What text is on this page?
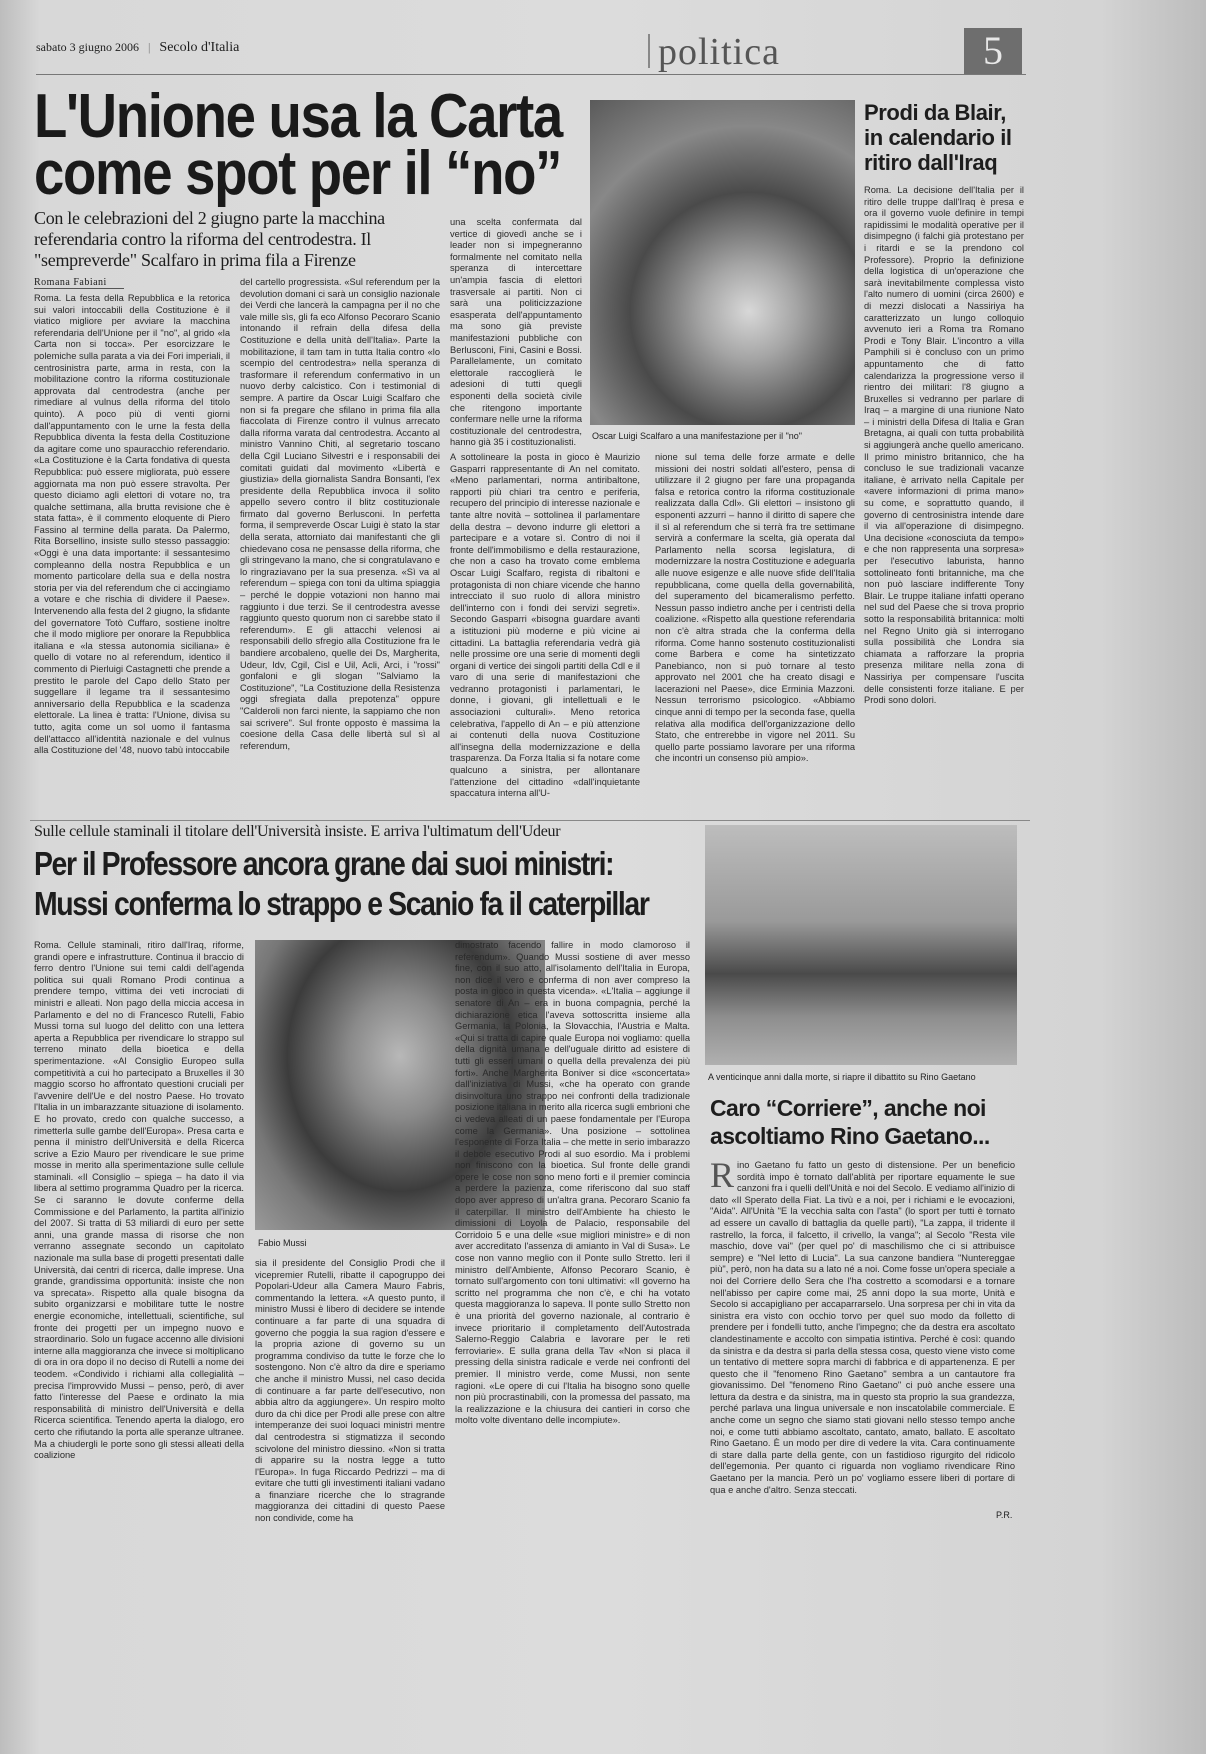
sabato 3 giugno 2006 | Secolo d'Italia	politica	5
L'Unione usa la Carta
come spot per il “no”
Con le celebrazioni del 2 giugno parte la macchina referendaria contro la riforma del centrodestra. Il "sempreverde" Scalfaro in prima fila a Firenze
Romana Fabiani
Roma. La festa della Repubblica e la retorica sui valori intoccabili della Costituzione è il viatico migliore per avviare la macchina referendaria dell'Unione per il "no", al grido «la Carta non si tocca». Per esorcizzare le polemiche sulla parata a via dei Fori imperiali, il centrosinistra parte, arma in resta, con la mobilitazione contro la riforma costituzionale approvata dal centrodestra (anche per rimediare al vulnus della riforma del titolo quinto). A poco più di venti giorni dall'appuntamento con le urne la festa della Repubblica diventa la festa della Costituzione da agitare come uno spauracchio referendario. «La Costituzione è la Carta fondativa di questa Repubblica: può essere migliorata, può essere aggiornata ma non può essere stravolta. Per questo diciamo agli elettori di votare no, tra qualche settimana, alla brutta revisione che è stata fatta», è il commento eloquente di Piero Fassino al termine della parata. Da Palermo, Rita Borsellino, insiste sullo stesso passaggio: «Oggi è una data importante: il sessantesimo compleanno della nostra Repubblica e un momento particolare della sua e della nostra storia per via del referendum che ci accingiamo a votare e che rischia di dividere il Paese». Intervenendo alla festa del 2 giugno, la sfidante del governatore Totò Cuffaro, sostiene inoltre che il modo migliore per onorare la Repubblica italiana e «la stessa autonomia siciliana» è quello di votare no al referendum, identico il commento di Pierluigi Castagnetti che prende a prestito le parole del Capo dello Stato per suggellare il legame tra il sessantesimo anniversario della Repubblica e la scadenza elettorale. La linea è tratta: l'Unione, divisa su tutto, agita come un sol uomo il fantasma dell'attacco all'identità nazionale e del vulnus alla Costituzione del '48, nuovo tabù intoccabile
del cartello progressista. «Sul referendum per la devolution domani ci sarà un consiglio nazionale dei Verdi che lancerà la campagna per il no che vale mille sìs, gli fa eco Alfonso Pecoraro Scanio intonando il refrain della difesa della Costituzione e della unità dell'Italia». Parte la mobilitazione, il tam tam in tutta Italia contro «lo scempio del centrodestra» nella speranza di trasformare il referendum confermativo in un nuovo derby calcistico. Con i testimonial di sempre. A partire da Oscar Luigi Scalfaro che non si fa pregare che sfilano in prima fila alla fiaccolata di Firenze contro il vulnus arrecato dalla riforma varata dal centrodestra. Accanto al ministro Vannino Chiti, al segretario toscano della Cgil Luciano Silvestri e i responsabili dei comitati guidati dal movimento «Libertà e giustizia» della giornalista Sandra Bonsanti, l'ex presidente della Repubblica invoca il solito appello severo contro il blitz costituzionale firmato dal governo Berlusconi. In perfetta forma, il sempreverde Oscar Luigi è stato la star della serata, attorniato dai manifestanti che gli chiedevano cosa ne pensasse della riforma, che gli stringevano la mano, che si congratulavano e lo ringraziavano per la sua presenza. «Sì va al referendum – spiega con toni da ultima spiaggia – perché le doppie votazioni non hanno mai raggiunto i due terzi. Se il centrodestra avesse raggiunto questo quorum non ci sarebbe stato il referendum». E gli attacchi velenosi ai responsabili dello sfregio alla Costituzione fra le bandiere arcobaleno, quelle dei Ds, Margherita, Udeur, Idv, Cgil, Cisl e Uil, Acli, Arci, i "rossi" gonfaloni e gli slogan "Salviamo la Costituzione", "La Costituzione della Resistenza oggi sfregiata dalla prepotenza" oppure "Calderoli non farci niente, la sappiamo che non sai scrivere". Sul fronte opposto è massima la coesione della Casa delle libertà sul sì al referendum,
una scelta confermata dal vertice di giovedì anche se i leader non si impegneranno formalmente nel comitato nella speranza di intercettare un'ampia fascia di elettori trasversale ai partiti. Non ci sarà una politicizzazione esasperata dell'appuntamento ma sono già previste manifestazioni pubbliche con Berlusconi, Fini, Casini e Bossi. Parallelamente, un comitato elettorale raccoglierà le adesioni di tutti quegli esponenti della società civile che ritengono importante confermare nelle urne la riforma costituzionale del centrodestra, hanno già 35 i costituzionalisti.
A sottolineare la posta in gioco è Maurizio Gasparri rappresentante di An nel comitato. «Meno parlamentari, norma antiribaltone, rapporti più chiari tra centro e periferia, recupero del principio di interesse nazionale e tante altre novità – sottolinea il parlamentare della destra – devono indurre gli elettori a partecipare e a votare sì. Contro di noi il fronte dell'immobilismo e della restaurazione, che non a caso ha trovato come emblema Oscar Luigi Scalfaro, regista di ribaltoni e protagonista di non chiare vicende che hanno intrecciato il suo ruolo di allora ministro dell'interno con i fondi dei servizi segreti». Secondo Gasparri «bisogna guardare avanti a istituzioni più moderne e più vicine ai cittadini. La battaglia referendaria vedrà già nelle prossime ore una serie di momenti degli organi di vertice dei singoli partiti della Cdl e il varo di una serie di manifestazioni che vedranno protagonisti i parlamentari, le donne, i giovani, gli intellettuali e le associazioni culturali». Meno retorica celebrativa, l'appello di An – e più attenzione ai contenuti della nuova Costituzione all'insegna della modernizzazione e della trasparenza. Da Forza Italia si fa notare come qualcuno a sinistra, per allontanare l'attenzione del cittadino «dall'inquietante spaccatura interna all'U-
nione sul tema delle forze armate e delle missioni dei nostri soldati all'estero, pensa di utilizzare il 2 giugno per fare una propaganda falsa e retorica contro la riforma costituzionale realizzata dalla Cdl». Gli elettori – insistono gli esponenti azzurri – hanno il diritto di sapere che il sì al referendum che si terrà fra tre settimane servirà a confermare la scelta, già operata dal Parlamento nella scorsa legislatura, di modernizzare la nostra Costituzione e adeguarla alle nuove esigenze e alle nuove sfide dell'Italia repubblicana, come quella della governabilità, del superamento del bicameralismo perfetto. Nessun passo indietro anche per i centristi della coalizione. «Rispetto alla questione referendaria non c'è altra strada che la conferma della riforma. Come hanno sostenuto costituzionalisti come Barbera e come ha sintetizzato Panebianco, non si può tornare al testo approvato nel 2001 che ha creato disagi e lacerazioni nel Paese», dice Erminia Mazzoni. Nessun terrorismo psicologico. «Abbiamo cinque anni di tempo per la seconda fase, quella relativa alla modifica dell'organizzazione dello Stato, che entrerebbe in vigore nel 2011. Su quello parte possiamo lavorare per una riforma che incontri un consenso più ampio».
Oscar Luigi Scalfaro a una manifestazione per il "no"
Prodi da Blair, in calendario il ritiro dall'Iraq
Roma. La decisione dell'Italia per il ritiro delle truppe dall'Iraq è presa e ora il governo vuole definire in tempi rapidissimi le modalità operative per il disimpegno (i falchi già protestano per i ritardi e se la prendono col Professore). Proprio la definizione della logistica di un'operazione che sarà inevitabilmente complessa visto l'alto numero di uomini (circa 2600) e di mezzi dislocati a Nassiriya ha caratterizzato un lungo colloquio avvenuto ieri a Roma tra Romano Prodi e Tony Blair. L'incontro a villa Pamphili si è concluso con un primo appuntamento che di fatto calendarizza la progressione verso il rientro dei militari: l'8 giugno a Bruxelles si vedranno per parlare di Iraq – a margine di una riunione Nato – i ministri della Difesa di Italia e Gran Bretagna, ai quali con tutta probabilità si aggiungerà anche quello americano. Il primo ministro britannico, che ha concluso le sue tradizionali vacanze italiane, è arrivato nella Capitale per «avere informazioni di prima mano» su come, e soprattutto quando, il governo di centrosinistra intende dare il via all'operazione di disimpegno. Una decisione «conosciuta da tempo» e che non rappresenta una sorpresa» per l'esecutivo laburista, hanno sottolineato fonti britanniche, ma che non può lasciare indifferente Tony Blair. Le truppe italiane infatti operano nel sud del Paese che si trova proprio sotto la responsabilità britannica: molti nel Regno Unito già si interrogano sulla possibilità che Londra sia chiamata a rafforzare la propria presenza militare nella zona di Nassiriya per compensare l'uscita delle consistenti forze italiane. E per Prodi sono dolori.
Sulle cellule staminali il titolare dell'Università insiste. E arriva l'ultimatum dell'Udeur
Per il Professore ancora grane dai suoi ministri:
Mussi conferma lo strappo e Scanio fa il caterpillar
Roma. Cellule staminali, ritiro dall'Iraq, riforme, grandi opere e infrastrutture. Continua il braccio di ferro dentro l'Unione sui temi caldi dell'agenda politica sui quali Romano Prodi continua a prendere tempo, vittima dei veti incrociati di ministri e alleati. Non pago della miccia accesa in Parlamento e del no di Francesco Rutelli, Fabio Mussi torna sul luogo del delitto con una lettera aperta a Repubblica per rivendicare lo strappo sul terreno minato della bioetica e della sperimentazione. «Al Consiglio Europeo sulla competitività a cui ho partecipato a Bruxelles il 30 maggio scorso ho affrontato questioni cruciali per l'avvenire dell'Ue e del nostro Paese. Ho trovato l'Italia in un imbarazzante situazione di isolamento. E ho provato, credo con qualche successo, a rimetterla sulle gambe dell'Europa». Presa carta e penna il ministro dell'Università e della Ricerca scrive a Ezio Mauro per rivendicare le sue prime mosse in merito alla sperimentazione sulle cellule staminali. «Il Consiglio – spiega – ha dato il via libera al settimo programma Quadro per la ricerca. Se ci saranno le dovute conferme della Commissione e del Parlamento, la partita all'inizio del 2007. Si tratta di 53 miliardi di euro per sette anni, una grande massa di risorse che non verranno assegnate secondo un capitolato nazionale ma sulla base di progetti presentati dalle Università, dai centri di ricerca, dalle imprese. Una grande, grandissima opportunità: insiste che non va sprecata». Rispetto alla quale bisogna da subito organizzarsi e mobilitare tutte le nostre energie economiche, intellettuali, scientifiche, sul fronte dei progetti per un impegno nuovo e straordinario. Solo un fugace accenno alle divisioni interne alla maggioranza che invece si moltiplicano di ora in ora dopo il no deciso di Rutelli a nome dei teodem. «Condivido i richiami alla collegialità – precisa l'improvvido Mussi – penso, però, di aver fatto l'interesse del Paese e ordinato la mia responsabilità di ministro dell'Università e della Ricerca scientifica. Tenendo aperta la dialogo, ero certo che rifiutando la porta alle speranze ultranee. Ma a chiudergli le porte sono gli stessi alleati della coalizione
Fabio Mussi
sia il presidente del Consiglio Prodi che il vicepremier Rutelli, ribatte il capogruppo dei Popolari-Udeur alla Camera Mauro Fabris, commentando la lettera. «A questo punto, il ministro Mussi è libero di decidere se intende continuare a far parte di una squadra di governo che poggia la sua ragion d'essere e la propria azione di governo su un programma condiviso da tutte le forze che lo sostengono. Non c'è altro da dire e speriamo che anche il ministro Mussi, nel caso decida di continuare a far parte dell'esecutivo, non abbia altro da aggiungere». Un respiro molto duro da chi dice per Prodi alle prese con altre intemperanze dei suoi loquaci ministri mentre dal centrodestra si stigmatizza il secondo scivolone del ministro diessino. «Non si tratta di apparire su la nostra legge a tutto l'Europa». In fuga Riccardo Pedrizzi – ma di evitare che tutti gli investimenti italiani vadano a finanziare ricerche che lo stragrande maggioranza dei cittadini di questo Paese non condivide, come ha
dimostrato facendo fallire in modo clamoroso il referendum». Quando Mussi sostiene di aver messo fine, con il suo atto, all'isolamento dell'Italia in Europa, non dice il vero e conferma di non aver compreso la posta in gioco in questa vicenda». «L'Italia – aggiunge il senatore di An – era in buona compagnia, perché la dichiarazione etica l'aveva sottoscritta insieme alla Germania, la Polonia, la Slovacchia, l'Austria e Malta. «Qui si tratta di capire quale Europa noi vogliamo: quella della dignità umana e dell'uguale diritto ad esistere di tutti gli esseri umani o quella della prevalenza dei più forti». Anche Margherita Boniver si dice «sconcertata» dall'iniziativa di Mussi, «che ha operato con grande disinvoltura uno strappo nei confronti della tradizionale posizione italiana in merito alla ricerca sugli embrioni che ci vedeva alleati di un paese fondamentale per l'Europa come la Germania». Una posizione – sottolinea l'esponente di Forza Italia – che mette in serio imbarazzo il debole esecutivo Prodi al suo esordio. Ma i problemi non finiscono con la bioetica. Sul fronte delle grandi opere le cose non sono meno forti e il premier comincia a perdere la pazienza, come riferiscono dal suo staff dopo aver appreso di un'altra grana. Pecoraro Scanio fa il caterpillar. Il ministro dell'Ambiente ha chiesto le dimissioni di Loyola de Palacio, responsabile del Corridoio 5 e una delle «sue migliori ministre» e di non aver accreditato l'assenza di amianto in Val di Susa». Le cose non vanno meglio con il Ponte sullo Stretto. Ieri il ministro dell'Ambiente, Alfonso Pecoraro Scanio, è tornato sull'argomento con toni ultimativi: «Il governo ha scritto nel programma che non c'è, e chi ha votato questa maggioranza lo sapeva. Il ponte sullo Stretto non è una priorità del governo nazionale, al contrario è invece prioritario il completamento dell'Autostrada Salerno-Reggio Calabria e lavorare per le reti ferroviarie». E sulla grana della Tav «Non si placa il pressing della sinistra radicale e verde nei confronti del premier. Il ministro verde, come Mussi, non sente ragioni. «Le opere di cui l'Italia ha bisogno sono quelle non più procrastinabili, con la promessa del passato, ma la realizzazione e la chiusura dei cantieri in corso che molto volte diventano delle incompiute».
A venticinque anni dalla morte, si riapre il dibattito su Rino Gaetano
Caro “Corriere”, anche noi ascoltiamo Rino Gaetano...
R ino Gaetano fu fatto un gesto di distensione. Per un beneficio sordità impo è tornato dall'ablità per riportare equamente le sue canzoni fra i quelli dell'Unità e noi del Secolo. E vediamo all'inizio di dato «Il Sperato della Fiat. La tivù e a noi, per i richiami e le evocazioni, "Aida". All'Unità "E la vecchia salta con l'asta" (lo sport per tutti è tornato ad essere un cavallo di battaglia da quelle parti), "La zappa, il tridente il rastrello, la forca, il falcetto, il crivello, la vanga"; al Secolo "Resta vile maschio, dove vai" (per quel po' di maschilismo che ci si attribuisce sempre) e "Nel letto di Lucia". La sua canzone bandiera "Nuntereggae più", però, non ha data su a lato né a noi. Come fosse un'opera speciale a noi del Corriere dello Sera che l'ha costretto a scomodarsi e a tornare nell'abisso per capire come mai, 25 anni dopo la sua morte, Unità e Secolo si accapigliano per accaparrarselo. Una sorpresa per chi in vita da sinistra era visto con occhio torvo per quel suo modo da folletto di prendere per i fondelli tutto, anche l'impegno; che da destra era ascoltato clandestinamente e accolto con simpatia istintiva. Perché è così: quando da sinistra e da destra si parla della stessa cosa, questo viene visto come un tentativo di mettere sopra marchi di fabbrica e di appartenenza. E per questo che il "fenomeno Rino Gaetano" sembra a un cantautore fra giovanissimo. Del "fenomeno Rino Gaetano" ci può anche essere una lettura da destra e da sinistra, ma in questo sta proprio la sua grandezza, perché parlava una lingua universale e non inscatolabile commerciale. E anche come un segno che siamo stati giovani nello stesso tempo anche noi, e come tutti abbiamo ascoltato, cantato, amato, ballato. E ascoltato Rino Gaetano. È un modo per dire di vedere la vita. Cara continuamente di stare dalla parte della gente, con un fastidioso rigurgito del ridicolo dell'egemonia. Per quanto ci riguarda non vogliamo rivendicare Rino Gaetano per la mancia. Però un po' vogliamo essere liberi di portare di qua e anche d'altro. Senza steccati.
P.R.
